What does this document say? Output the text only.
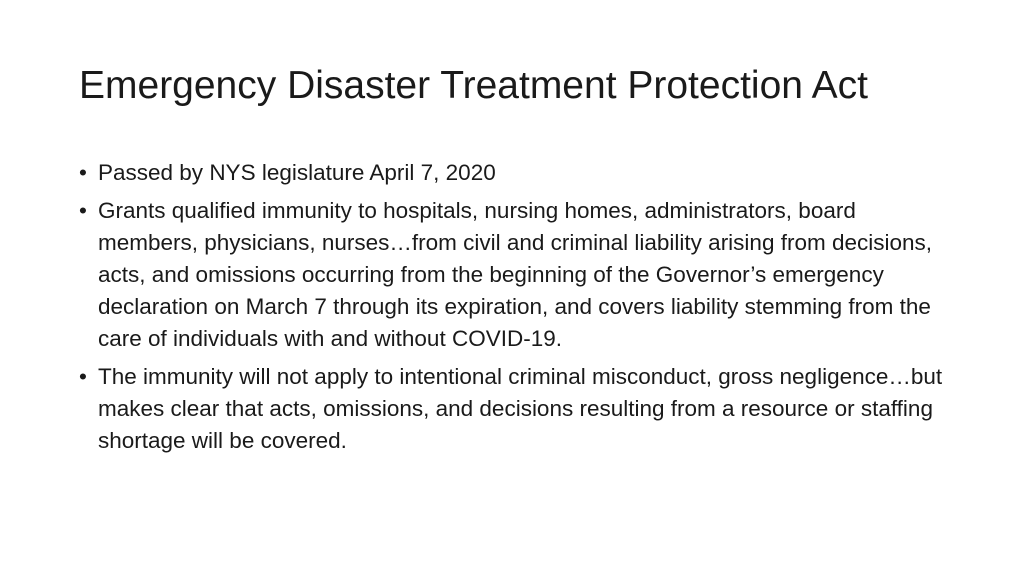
Emergency Disaster Treatment Protection Act
• Passed by NYS legislature April 7, 2020
• Grants qualified immunity to hospitals, nursing homes, administrators, board members, physicians, nurses…from civil and criminal liability arising from decisions, acts, and omissions occurring from the beginning of the Governor’s emergency declaration on March 7 through its expiration, and covers liability stemming from the care of individuals with and without COVID-19.
• The immunity will not apply to intentional criminal misconduct, gross negligence…but makes clear that acts, omissions, and decisions resulting from a resource or staffing shortage will be covered.
